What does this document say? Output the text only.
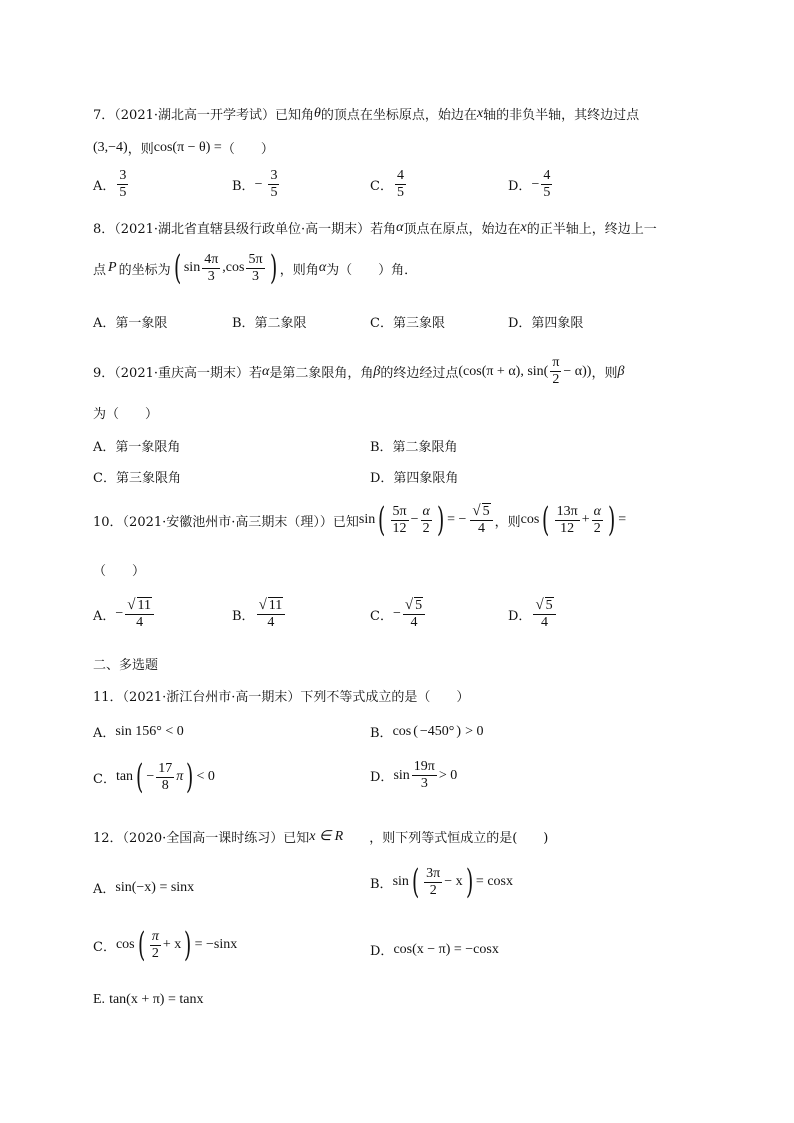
7．（2021·湖北高一开学考试）已知角 θ 的顶点在坐标原点，始边在 x 轴的非负半轴，其终边过点
(3,−4) ，则 cos(π − θ) = （　　）
A． $\frac{3}{5}$	B． − $\frac{3}{5}$	C． $\frac{4}{5}$	D． − $\frac{4}{5}$
8．（2021·湖北省直辖县级行政单位·高一期末）若角 α 顶点在原点，始边在 x 的正半轴上，终边上一
点 P 的坐标为 ( $\sin \frac{4\pi}{3} ,\cos \frac{5\pi}{3}$ ) ，则角 α 为（　　）角．
A．第一象限	B．第二象限	C．第三象限	D．第四象限
9．（2021·重庆高一期末）若 α 是第二象限角，角 β 的终边经过点 (cos(π + α), $\sin( \frac{\pi}{2} - \alpha)$) ，则 β
为（　　）
A．第一象限角	B．第二象限角
C．第三象限角	D．第四象限角
10．（2021·安徽池州市·高三期末（理））已知 sin ( $\frac{5\pi}{12} - \frac{\alpha}{2}$ ) = − $\frac{√ 5}{4}$ ，则 cos ( $\frac{13\pi}{12} + \frac{\alpha}{2}$ ) =
（　　）
A． − $\frac{√ 11}{4}$	B． $\frac{√ 11}{4}$	C． − $\frac{√ 5}{4}$	D． $\frac{√ 5}{4}$
二、多选题
11．（2021·浙江台州市·高一期末）下列不等式成立的是（　　）
A． sin 156° < 0	B． cos ( −450° ) > 0
C． tan ( − $\frac{17}{8}$ π ) < 0	D． $\sin \frac{19\pi}{3} > 0$
12．（2020·全国高一课时练习）已知 x ∈ R ，则下列等式恒成立的是(　　)
A． sin(−x) = sinx	B． sin ( $\frac{3\pi}{2} - x$ ) = cosx
C． cos ( $\frac{\pi}{2} + x$ ) = −sinx	D． cos(x − π) = −cosx
E. tan(x + π) = tanx
